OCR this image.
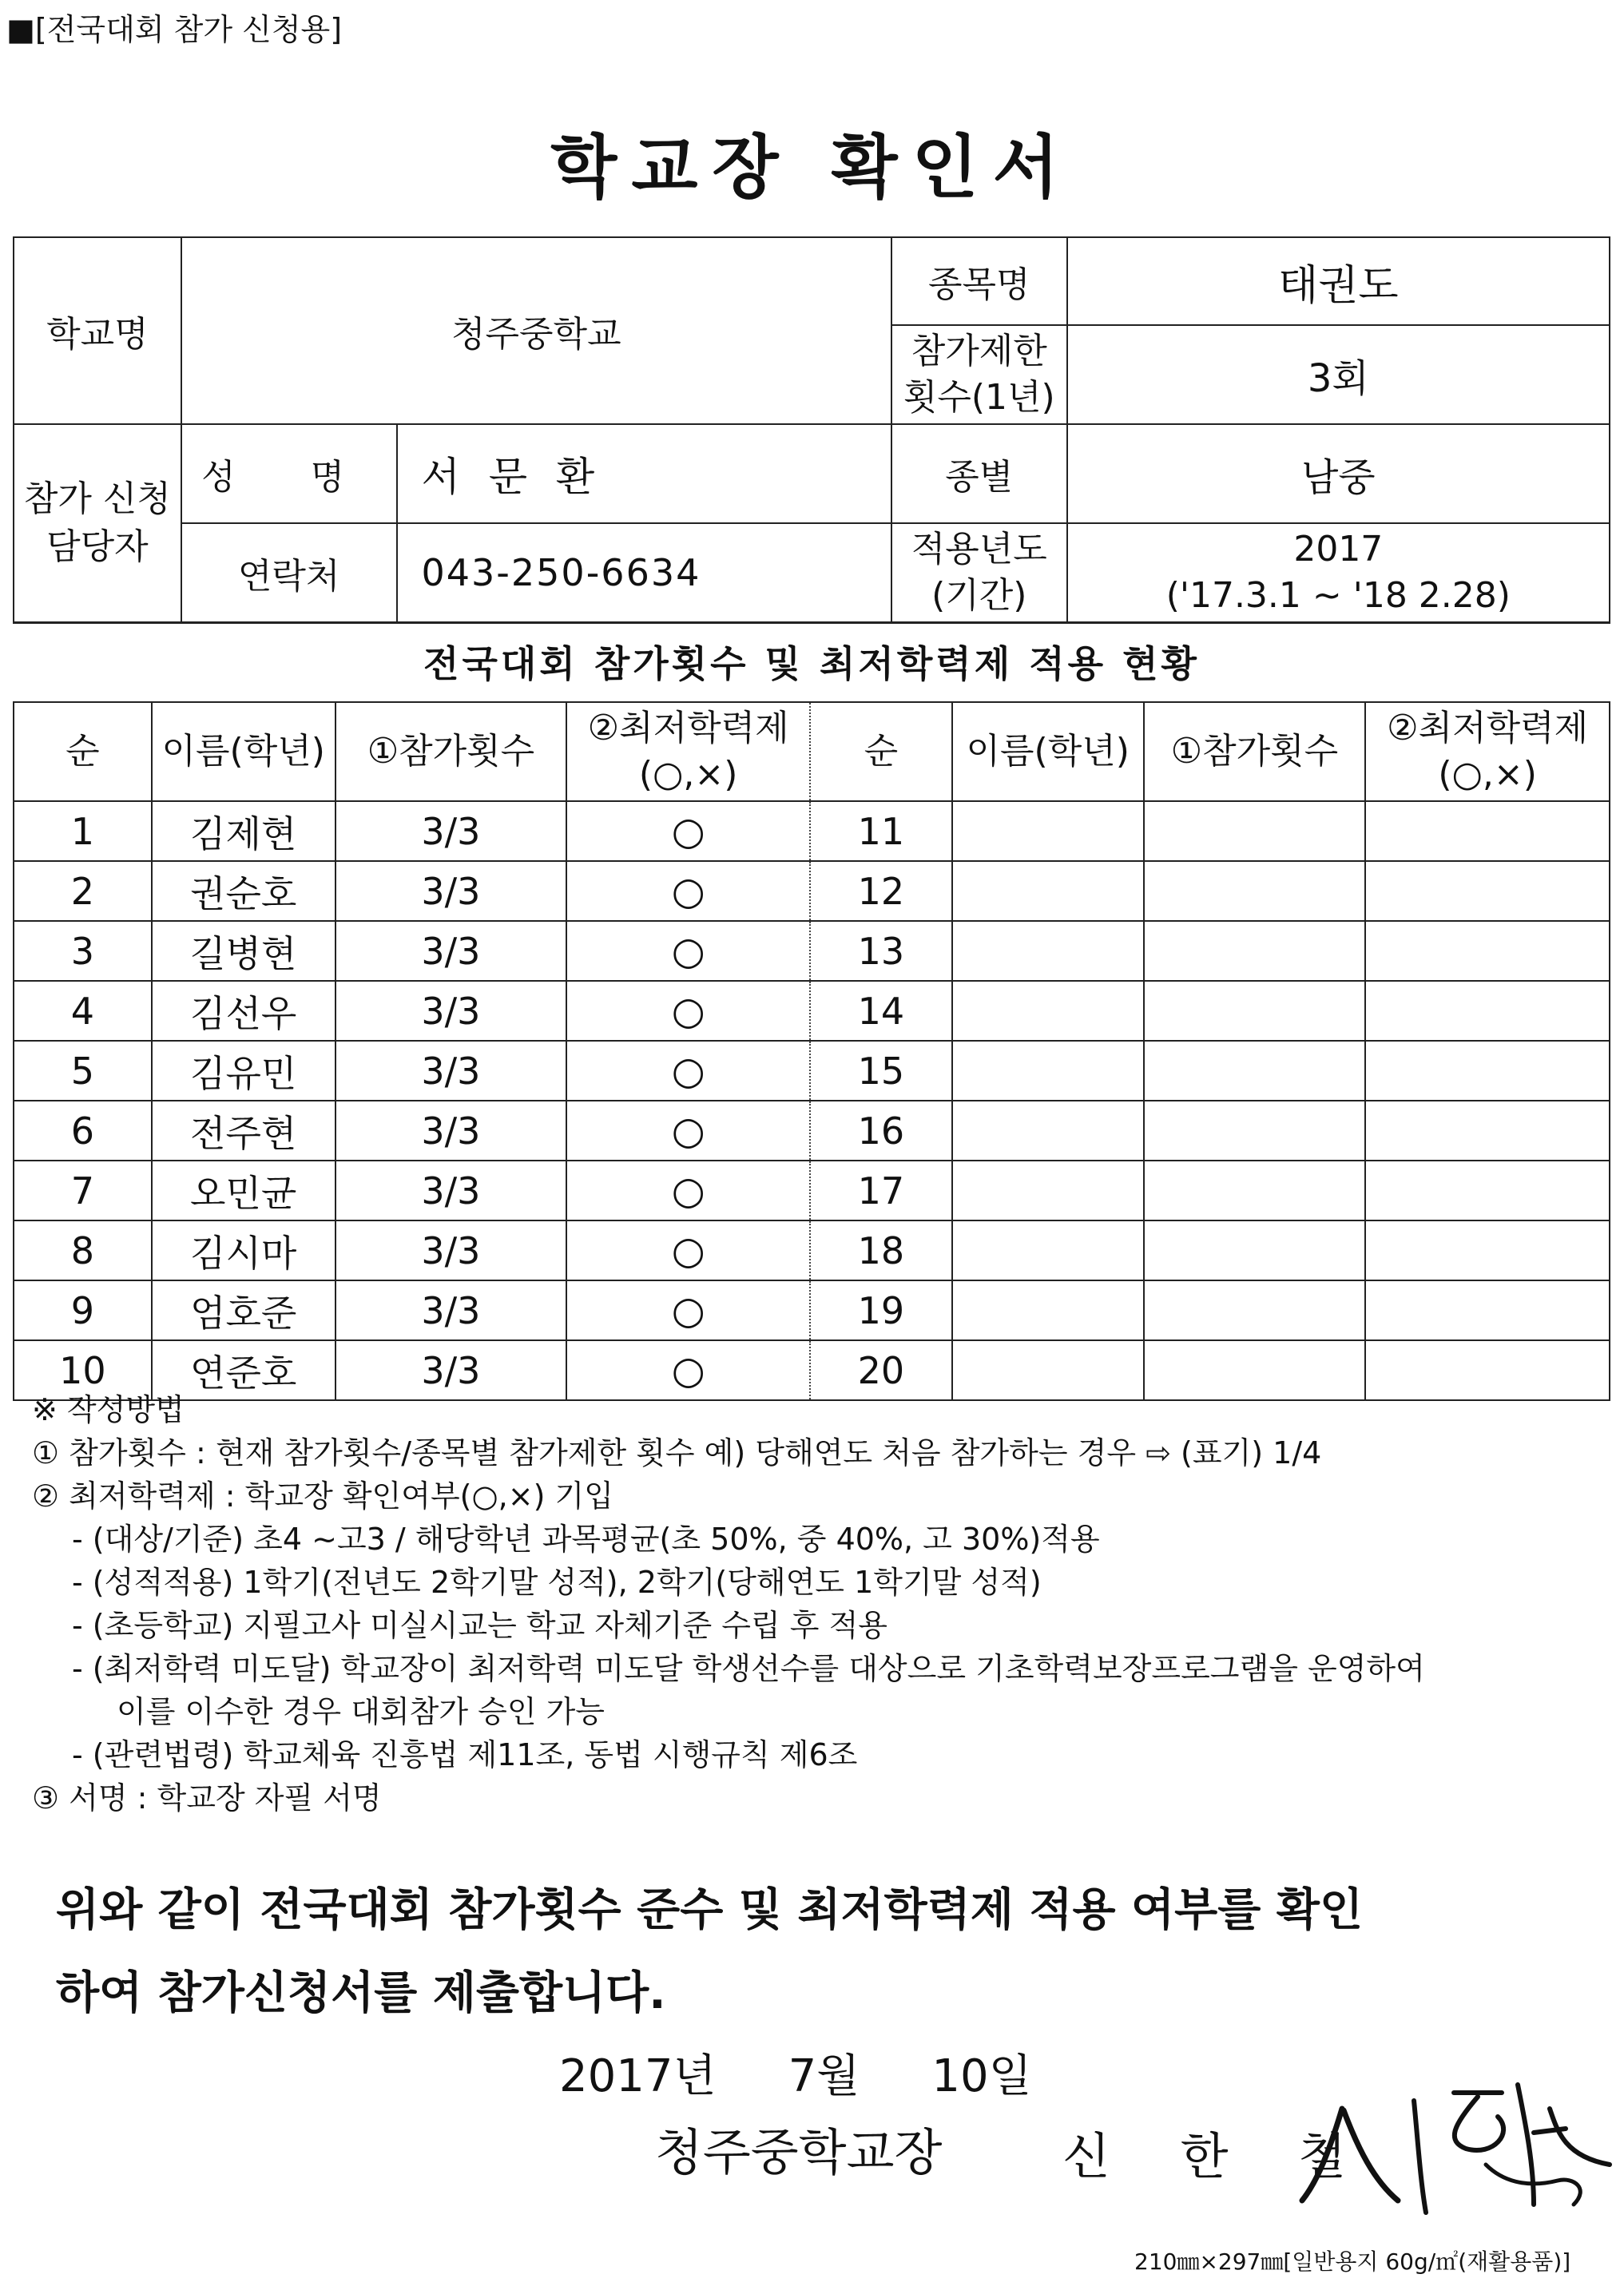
■[전국대회 참가 신청용]
학교장 확인서
학교명	청주중학교		종목명	태권도
			참가제한 횟수(1년)	3회
참가 신청 담당자	성 명	서 문 환	종별	남중
	연락처	043-250-6634	적용년도 (기간)	2017
('17.3.1 ~ '18 2.28)
전국대회 참가횟수 및 최저학력제 적용 현황
순	이름(학년)	①참가횟수	②최저학력제 (○,×)	순	이름(학년)	①참가횟수	②최저학력제 (○,×)
1	김제현	3/3	○	11			
2	권순호	3/3	○	12			
3	길병현	3/3	○	13			
4	김선우	3/3	○	14			
5	김유민	3/3	○	15			
6	전주현	3/3	○	16			
7	오민균	3/3	○	17			
8	김시마	3/3	○	18			
9	엄호준	3/3	○	19			
10	연준호	3/3	○	20			
※ 작성방법
① 참가횟수 : 현재 참가횟수/종목별 참가제한 횟수 예) 당해연도 처음 참가하는 경우 ⇨ (표기) 1/4
② 최저학력제 : 학교장 확인여부(○,×) 기입
- (대상/기준) 초4 ~고3 / 해당학년 과목평균(초 50%, 중 40%, 고 30%)적용
- (성적적용) 1학기(전년도 2학기말 성적), 2학기(당해연도 1학기말 성적)
- (초등학교) 지필고사 미실시교는 학교 자체기준 수립 후 적용
- (최저학력 미도달) 학교장이 최저학력 미도달 학생선수를 대상으로 기초학력보장프로그램을 운영하여
이를 이수한 경우 대회참가 승인 가능
- (관련법령) 학교체육 진흥법 제11조, 동법 시행규칙 제6조
③ 서명 : 학교장 자필 서명
위와 같이 전국대회 참가횟수 준수 및 최저학력제 적용 여부를 확인
하여 참가신청서를 제출합니다.
2017년 7월 10일
청주중학교장 신 한 철
210㎜×297㎜[일반용지 60g/㎡(재활용품)]
